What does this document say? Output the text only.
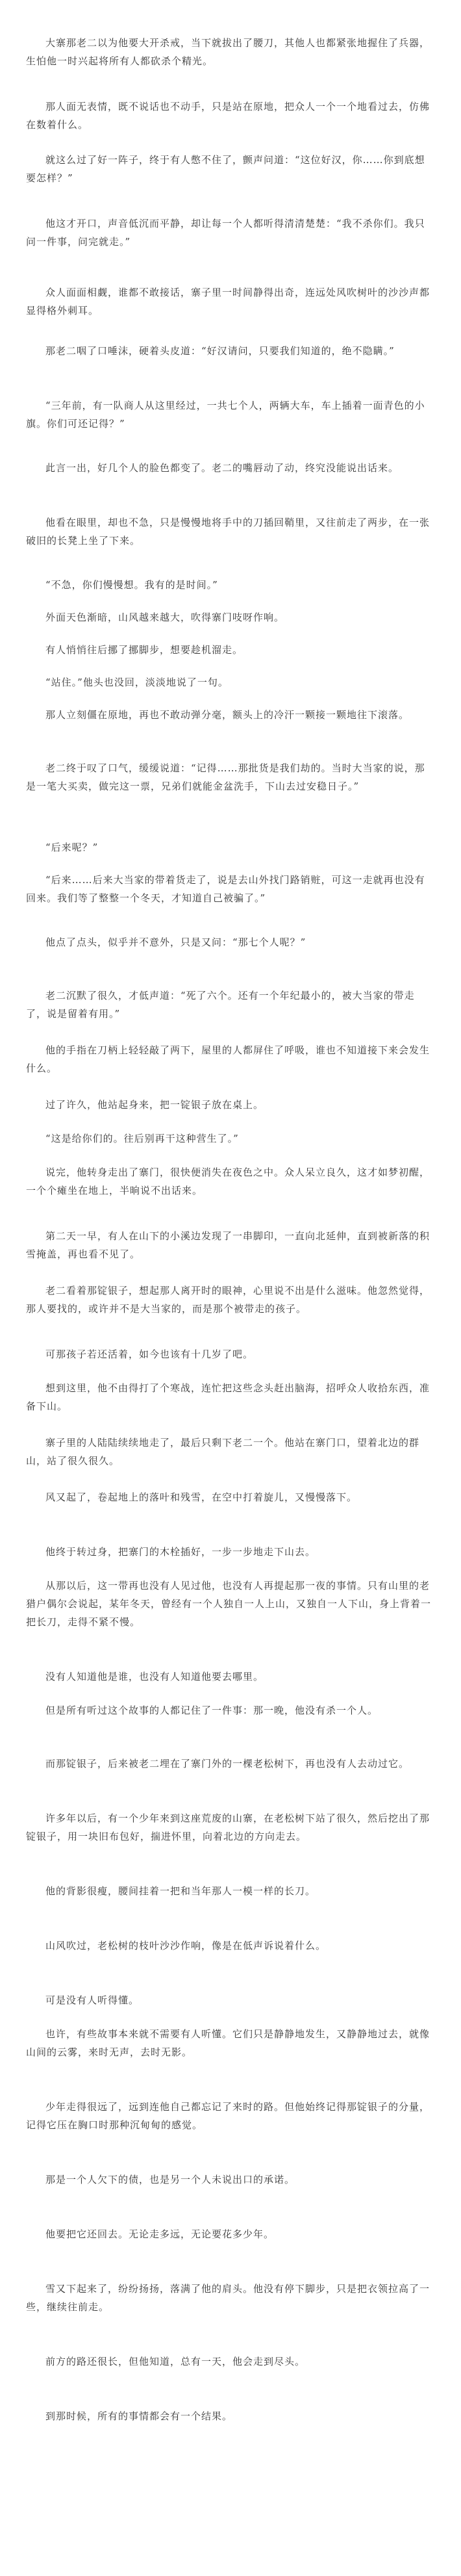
大寨那老二以为他要大开杀戒，当下就拔出了腰刀，其他人也都紧张地握住了兵器，生怕他一时兴起将所有人都砍杀个精光。

那人面无表情，既不说话也不动手，只是站在原地，把众人一个一个地看过去，仿佛在数着什么。

就这么过了好一阵子，终于有人憋不住了，颤声问道：“这位好汉，你……你到底想要怎样？”

他这才开口，声音低沉而平静，却让每一个人都听得清清楚楚：“我不杀你们。我只问一件事，问完就走。”

众人面面相觑，谁都不敢接话，寨子里一时间静得出奇，连远处风吹树叶的沙沙声都显得格外刺耳。

那老二咽了口唾沫，硬着头皮道：“好汉请问，只要我们知道的，绝不隐瞒。”

“三年前，有一队商人从这里经过，一共七个人，两辆大车，车上插着一面青色的小旗。你们可还记得？”

此言一出，好几个人的脸色都变了。老二的嘴唇动了动，终究没能说出话来。

他看在眼里，却也不急，只是慢慢地将手中的刀插回鞘里，又往前走了两步，在一张破旧的长凳上坐了下来。

“不急，你们慢慢想。我有的是时间。”

外面天色渐暗，山风越来越大，吹得寨门吱呀作响。

有人悄悄往后挪了挪脚步，想要趁机溜走。

“站住。”他头也没回，淡淡地说了一句。

那人立刻僵在原地，再也不敢动弹分毫，额头上的冷汗一颗接一颗地往下滚落。

老二终于叹了口气，缓缓说道：“记得……那批货是我们劫的。当时大当家的说，那是一笔大买卖，做完这一票，兄弟们就能金盆洗手，下山去过安稳日子。”

“后来呢？”

“后来……后来大当家的带着货走了，说是去山外找门路销赃，可这一走就再也没有回来。我们等了整整一个冬天，才知道自己被骗了。”

他点了点头，似乎并不意外，只是又问：“那七个人呢？”

老二沉默了很久，才低声道：“死了六个。还有一个年纪最小的，被大当家的带走了，说是留着有用。”

他的手指在刀柄上轻轻敲了两下，屋里的人都屏住了呼吸，谁也不知道接下来会发生什么。

过了许久，他站起身来，把一锭银子放在桌上。

“这是给你们的。往后别再干这种营生了。”

说完，他转身走出了寨门，很快便消失在夜色之中。众人呆立良久，这才如梦初醒，一个个瘫坐在地上，半晌说不出话来。

第二天一早，有人在山下的小溪边发现了一串脚印，一直向北延伸，直到被新落的积雪掩盖，再也看不见了。

老二看着那锭银子，想起那人离开时的眼神，心里说不出是什么滋味。他忽然觉得，那人要找的，或许并不是大当家的，而是那个被带走的孩子。

可那孩子若还活着，如今也该有十几岁了吧。

想到这里，他不由得打了个寒战，连忙把这些念头赶出脑海，招呼众人收拾东西，准备下山。

寨子里的人陆陆续续地走了，最后只剩下老二一个。他站在寨门口，望着北边的群山，站了很久很久。

风又起了，卷起地上的落叶和残雪，在空中打着旋儿，又慢慢落下。

他终于转过身，把寨门的木栓插好，一步一步地走下山去。

从那以后，这一带再也没有人见过他，也没有人再提起那一夜的事情。只有山里的老猎户偶尔会说起，某年冬天，曾经有一个人独自一人上山，又独自一人下山，身上背着一把长刀，走得不紧不慢。

没有人知道他是谁，也没有人知道他要去哪里。

但是所有听过这个故事的人都记住了一件事：那一晚，他没有杀一个人。

而那锭银子，后来被老二埋在了寨门外的一棵老松树下，再也没有人去动过它。

许多年以后，有一个少年来到这座荒废的山寨，在老松树下站了很久，然后挖出了那锭银子，用一块旧布包好，揣进怀里，向着北边的方向走去。

他的背影很瘦，腰间挂着一把和当年那人一模一样的长刀。

山风吹过，老松树的枝叶沙沙作响，像是在低声诉说着什么。

可是没有人听得懂。

也许，有些故事本来就不需要有人听懂。它们只是静静地发生，又静静地过去，就像山间的云雾，来时无声，去时无影。

少年走得很远了，远到连他自己都忘记了来时的路。但他始终记得那锭银子的分量，记得它压在胸口时那种沉甸甸的感觉。

那是一个人欠下的债，也是另一个人未说出口的承诺。

他要把它还回去。无论走多远，无论要花多少年。

雪又下起来了，纷纷扬扬，落满了他的肩头。他没有停下脚步，只是把衣领拉高了一些，继续往前走。

前方的路还很长，但他知道，总有一天，他会走到尽头。

到那时候，所有的事情都会有一个结果。
